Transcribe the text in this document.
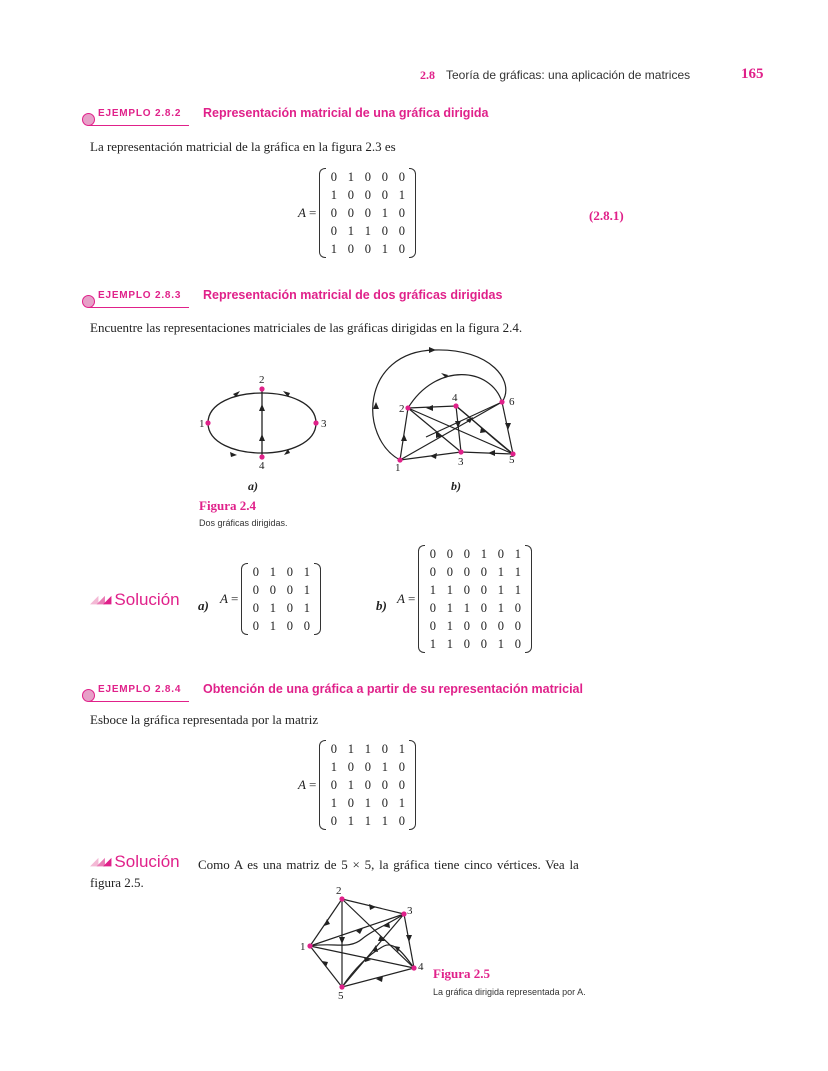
2.8 Teoría de gráficas: una aplicación de matrices	165
EJEMPLO 2.8.2 Representación matricial de una gráfica dirigida
La representación matricial de la gráfica en la figura 2.3 es
A =
0	1	0	0	0
1	0	0	0	1
0	0	0	1	0
0	1	1	0	0
1	0	0	1	0
(2.8.1)
EJEMPLO 2.8.3 Representación matricial de dos gráficas dirigidas
Encuentre las representaciones matriciales de las gráficas dirigidas en la figura 2.4.
1
2
3
4
a)
1
2
3
4
5
6
b)
Figura 2.4
Dos gráficas dirigidas.
◢◢◢ Solución a) A =
0	1	0	1
0	0	0	1
0	1	0	1
0	1	0	0
b) A =
0	0	0	1	0	1
0	0	0	0	1	1
1	1	0	0	1	1
0	1	1	0	1	0
0	1	0	0	0	0
1	1	0	0	1	0
EJEMPLO 2.8.4 Obtención de una gráfica a partir de su representación matricial
Esboce la gráfica representada por la matriz
A =
0	1	1	0	1
1	0	0	1	0
0	1	0	0	0
1	0	1	0	1
0	1	1	1	0
◢◢◢ Solución Como A es una matriz de 5 × 5, la gráfica tiene cinco vértices. Vea la
figura 2.5.
1
2
3
4
5
Figura 2.5
La gráfica dirigida representada por A.
